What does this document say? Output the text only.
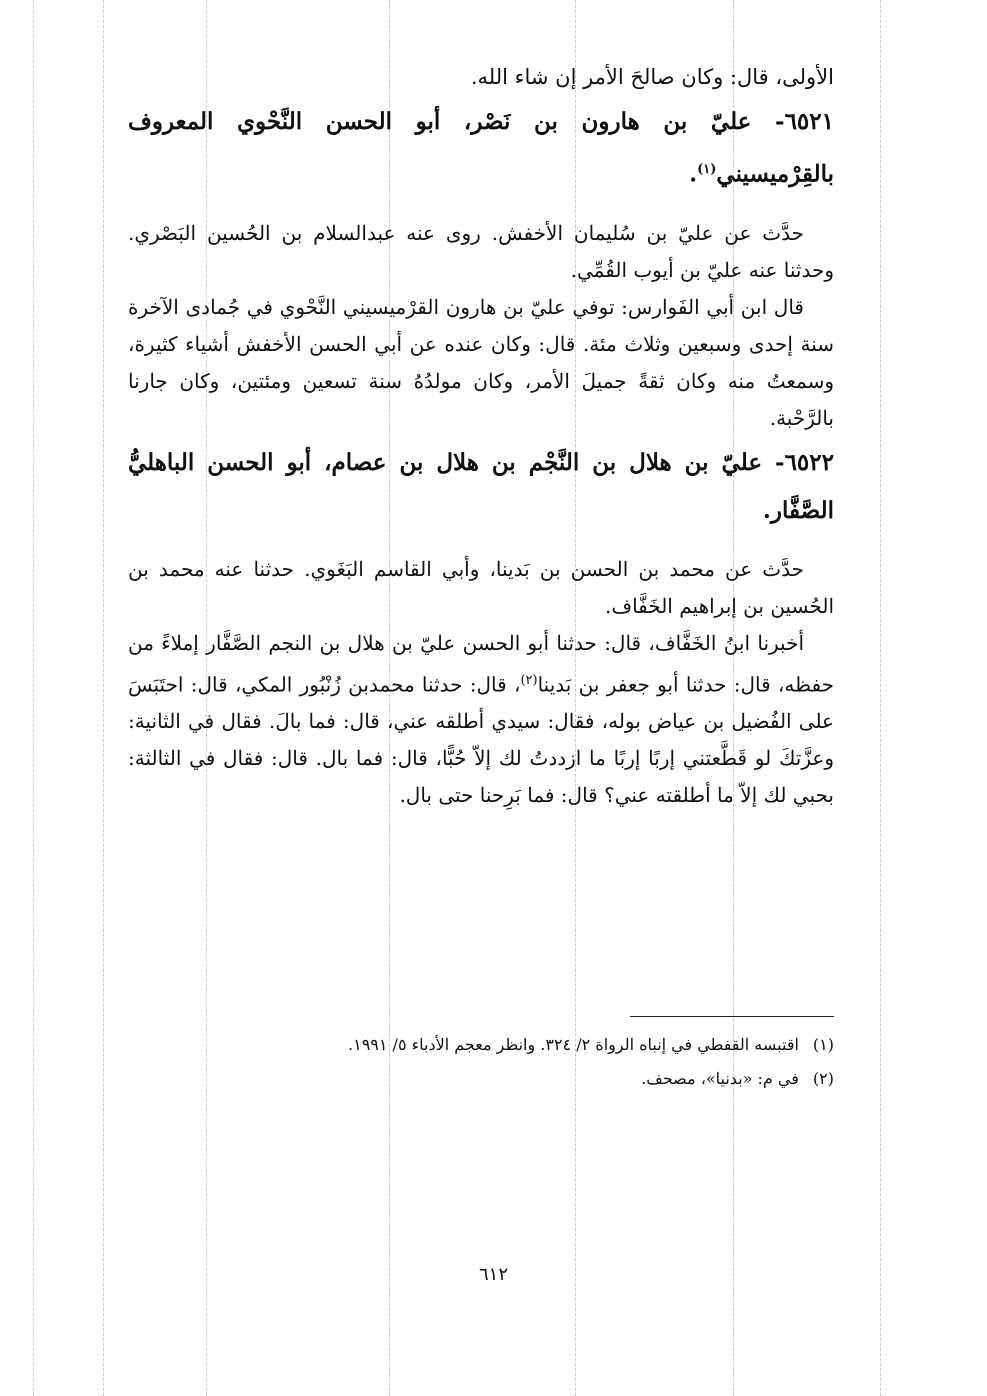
الأولى، قال: وكان صالحَ الأمر إن شاء الله.
٦٥٢١- عليّ بن هارون بن نَصْر، أبو الحسن النَّحْوي المعروف بالقِرْميسيني$^{(١)}$.

حدَّث عن عليّ بن سُليمان الأخفش. روى عنه عبدالسلام بن الحُسين البَصْري. وحدثنا عنه عليّ بن أيوب القُمِّي.

قال ابن أبي الفَوارس: توفي عليّ بن هارون القرْميسيني النَّحْوي في جُمادى الآخرة سنة إحدى وسبعين وثلاث مئة. قال: وكان عنده عن أبي الحسن الأخفش أشياء كثيرة، وسمعتُ منه وكان ثقةً جميلَ الأمر، وكان مولدُهُ سنة تسعين ومئتين، وكان جارنا بالرَّحْبة.

٦٥٢٢- عليّ بن هلال بن النَّجْم بن هلال بن عصام، أبو الحسن الباهليُّ الصَّفَّار.

حدَّث عن محمد بن الحسن بن بَدينا، وأبي القاسم البَغَوي. حدثنا عنه محمد بن الحُسين بن إبراهيم الخَفَّاف.

أخبرنا ابنُ الخَفَّاف، قال: حدثنا أبو الحسن عليّ بن هلال بن النجم الصَّفَّار إملاءً من حفظه، قال: حدثنا أبو جعفر بن بَدينا$^{(٢)}$، قال: حدثنا محمدبن زُنْبُور المكي، قال: احتَبَسَ على الفُضيل بن عياض بوله، فقال: سيدي أطلقه عني، قال: فما بالَ. فقال في الثانية: وعزَّتكَ لو قَطَّعتني إربًا إربًا ما ازددتُ لك إلاّ حُبًّا، قال: فما بال. قال: فقال في الثالثة: بحبي لك إلاّ ما أطلقته عني؟ قال: فما بَرِحنا حتى بال.

(١)اقتبسه القفطي في إنباه الرواة ٢/ ٣٢٤. وانظر معجم الأدباء ٥/ ١٩٩١.
(٢)في م: «بدنيا»، مصحف.
٦١٢
